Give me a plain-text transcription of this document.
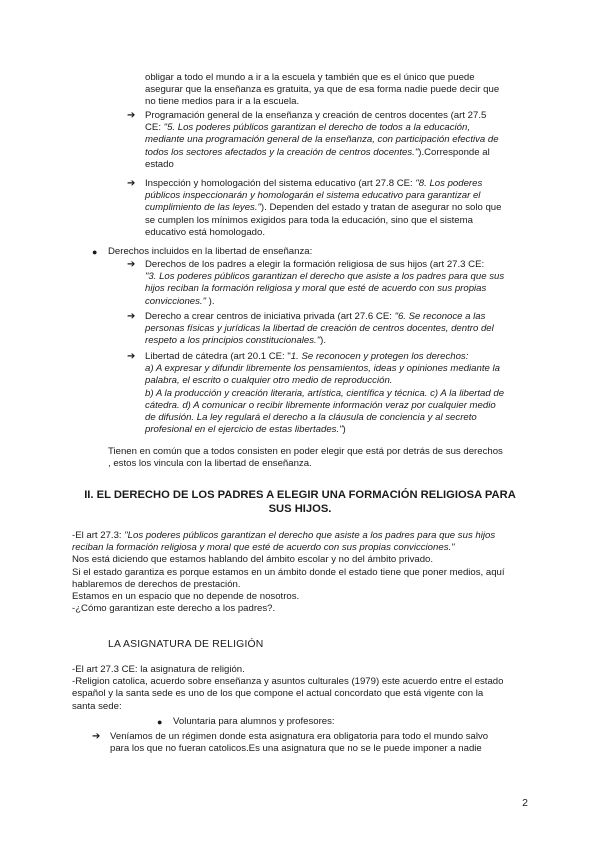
obligar a todo el mundo a ir a la escuela y también que es el único que puede

asegurar que la enseñanza es gratuita, ya que de esa forma nadie puede decir que

no tiene medios para ir a la escuela.

➔ Programación general de la enseñanza y creación de centros docentes (art 27.5

CE: "5. Los poderes públicos garantizan el derecho de todos a la educación,

mediante una programación general de la enseñanza, con participación efectiva de

todos los sectores afectados y la creación de centros docentes.").Corresponde al

estado

➔ Inspección y homologación del sistema educativo (art 27.8 CE: "8. Los poderes

públicos inspeccionarán y homologarán el sistema educativo para garantizar el

cumplimiento de las leyes."). Dependen del estado y tratan de asegurar no solo que

se cumplen los mínimos exigidos para toda la educación, sino que el sistema

educativo está homologado.

● Derechos incluidos en la libertad de enseñanza:

➔ Derechos de los padres a elegir la formación religiosa de sus hijos (art 27.3 CE:

"3. Los poderes públicos garantizan el derecho que asiste a los padres para que sus

hijos reciban la formación religiosa y moral que esté de acuerdo con sus propias

convicciones." ).

➔ Derecho a crear centros de iniciativa privada (art 27.6 CE: "6. Se reconoce a las

personas físicas y jurídicas la libertad de creación de centros docentes, dentro del

respeto a los principios constitucionales.").

➔ Libertad de cátedra (art 20.1 CE: "1. Se reconocen y protegen los derechos:

a) A expresar y difundir libremente los pensamientos, ideas y opiniones mediante la

palabra, el escrito o cualquier otro medio de reproducción.

b) A la producción y creación literaria, artística, científica y técnica. c) A la libertad de

cátedra. d) A comunicar o recibir libremente información veraz por cualquier medio

de difusión. La ley regulará el derecho a la cláusula de conciencia y al secreto

profesional en el ejercicio de estas libertades.")

Tienen en común que a todos consisten en poder elegir que está por detrás de sus derechos

, estos los vincula con la libertad de enseñanza.

II. EL DERECHO DE LOS PADRES A ELEGIR UNA FORMACIÓN RELIGIOSA PARA
SUS HIJOS.

-El art 27.3: "Los poderes públicos garantizan el derecho que asiste a los padres para que sus hijos

reciban la formación religiosa y moral que esté de acuerdo con sus propias convicciones."

Nos está diciendo que estamos hablando del ámbito escolar y no del ámbito privado.

Si el estado garantiza es porque estamos en un ámbito donde el estado tiene que poner medios, aquí

hablaremos de derechos de prestación.

Estamos en un espacio que no depende de nosotros.

-¿Cómo garantizan este derecho a los padres?.

LA ASIGNATURA DE RELIGIÓN

-El art 27.3 CE: la asignatura de religión.

-Religion catolica, acuerdo sobre enseñanza y asuntos culturales (1979) este acuerdo entre el estado

español y la santa sede es uno de los que compone el actual concordato que está vigente con la

santa sede:

● Voluntaria para alumnos y profesores:

➔ Veníamos de un régimen donde esta asignatura era obligatoria para todo el mundo salvo

para los que no fueran catolicos.Es una asignatura que no se le puede imponer a nadie

2
